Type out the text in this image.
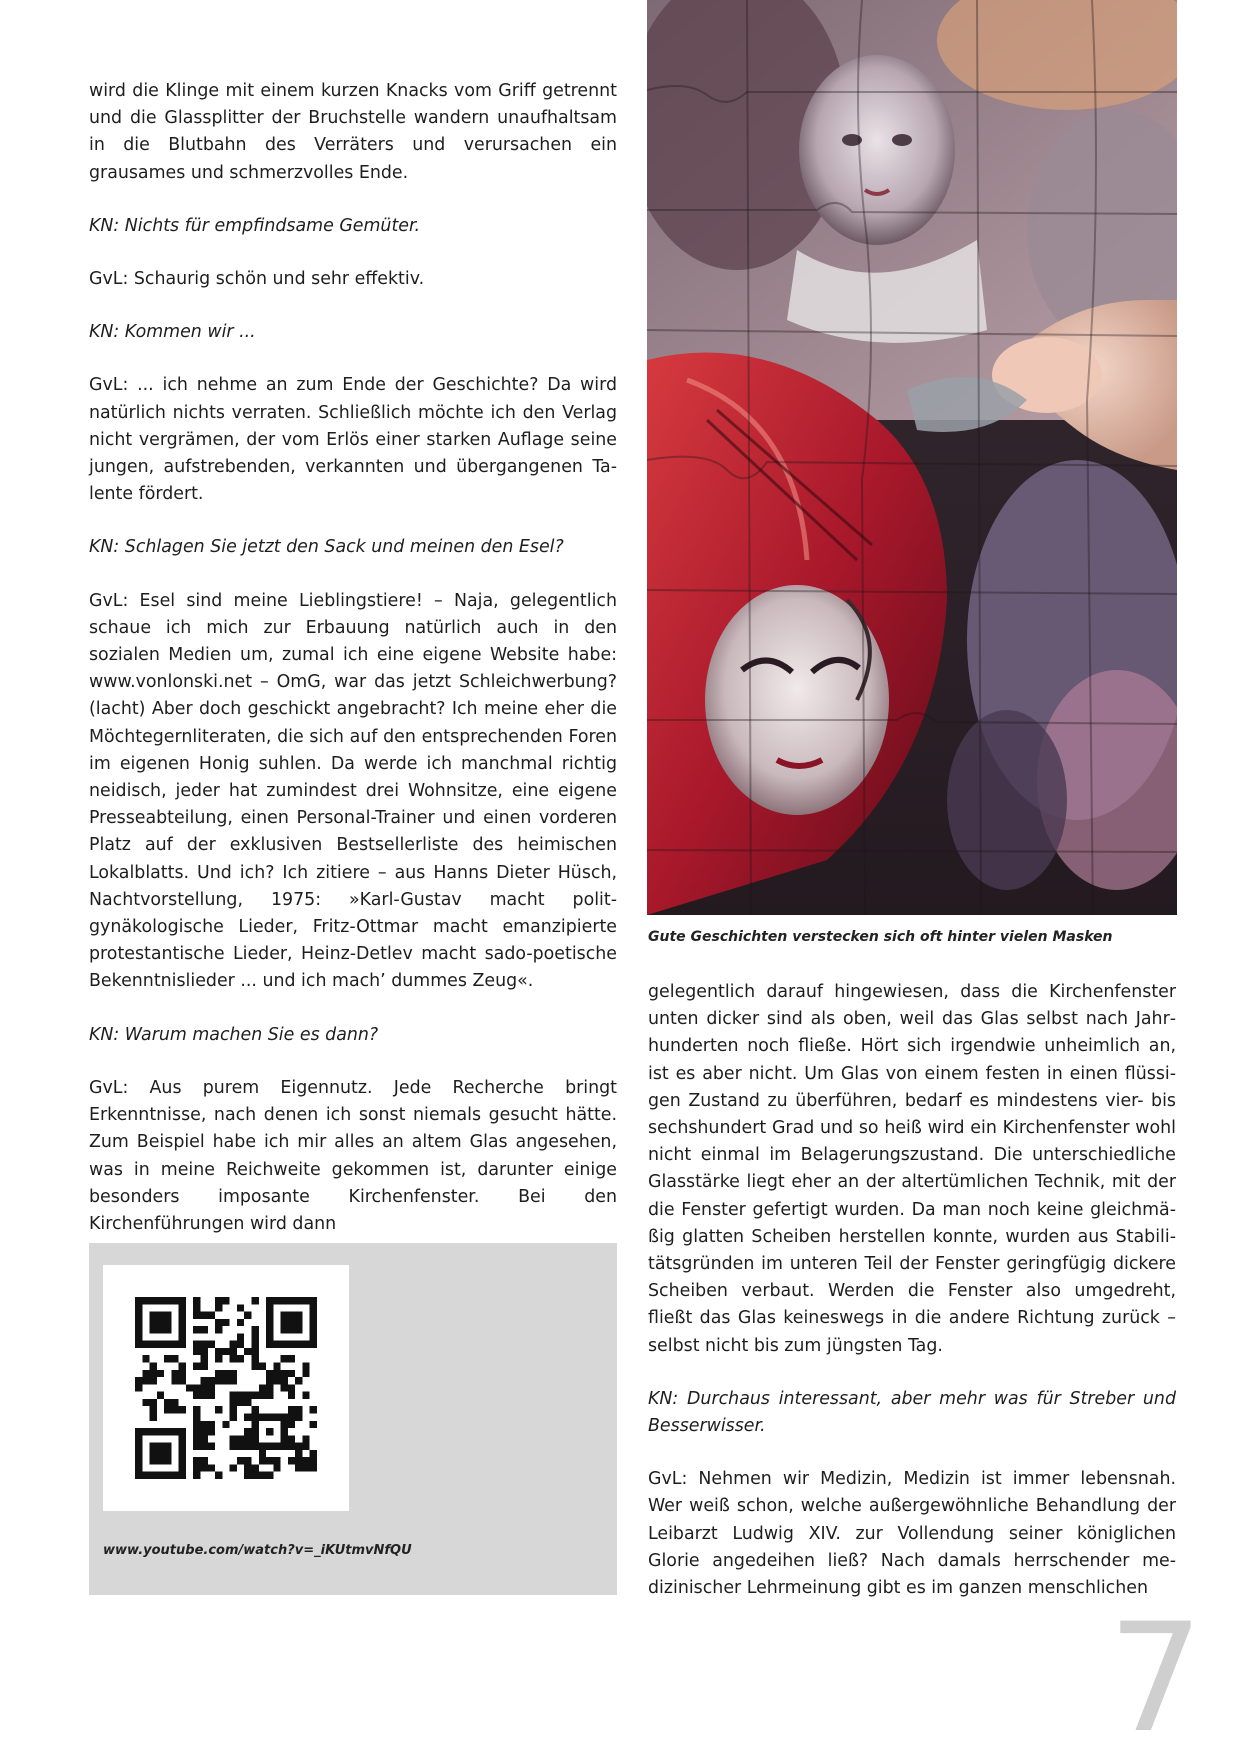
wird die Klinge mit einem kurzen Knacks vom Griff getrennt und die Glassplitter der Bruchstelle wandern unaufhaltsam in die Blutbahn des Verräters und verursachen ein grausames und schmerzvolles Ende.

KN: Nichts für empfindsame Gemüter.

GvL: Schaurig schön und sehr effektiv.

KN: Kommen wir ...

GvL: ... ich nehme an zum Ende der Geschichte? Da wird natürlich nichts verraten. Schließlich möchte ich den Verlag nicht vergrämen, der vom Erlös einer starken Auflage seine jungen, aufstrebenden, verkannten und übergangenen Talente fördert.

KN: Schlagen Sie jetzt den Sack und meinen den Esel?

GvL: Esel sind meine Lieblingstiere! – Naja, gelegentlich schaue ich mich zur Erbauung natürlich auch in den sozialen Medien um, zumal ich eine eigene Website habe: www.vonlonski.net – OmG, war das jetzt Schleichwerbung? (lacht) Aber doch geschickt angebracht? Ich meine eher die Möchtegernliteraten, die sich auf den entsprechenden Foren im eigenen Honig suhlen. Da werde ich manchmal richtig neidisch, jeder hat zumindest drei Wohnsitze, eine eigene Presseabteilung, einen Personal-Trainer und einen vorderen Platz auf der exklusiven Bestsellerliste des heimischen Lokalblatts. Und ich? Ich zitiere – aus Hanns Dieter Hüsch, Nachtvorstellung, 1975: »Karl-Gustav macht polit-gynäkologische Lieder, Fritz-Ottmar macht emanzipierte protestantische Lieder, Heinz-Detlev macht sado-poetische Bekenntnislieder ... und ich mach’ dummes Zeug«.

KN: Warum machen Sie es dann?

GvL: Aus purem Eigennutz. Jede Recherche bringt Erkenntnisse, nach denen ich sonst niemals gesucht hätte. Zum Beispiel habe ich mir alles an altem Glas angesehen, was in meine Reichweite gekommen ist, darunter einige besonders imposante Kirchenfenster. Bei den Kirchenführungen wird dann

Gute Geschichten verstecken sich oft hinter vielen Masken

gelegentlich darauf hingewiesen, dass die Kirchenfenster unten dicker sind als oben, weil das Glas selbst nach Jahrhunderten noch fließe. Hört sich irgendwie unheimlich an, ist es aber nicht. Um Glas von einem festen in einen flüssigen Zustand zu überführen, bedarf es mindestens vier- bis sechshundert Grad und so heiß wird ein Kirchenfenster wohl nicht einmal im Belagerungszustand. Die unterschiedliche Glasstärke liegt eher an der altertümlichen Technik, mit der die Fenster gefertigt wurden. Da man noch keine gleichmäßig glatten Scheiben herstellen konnte, wurden aus Stabilitätsgründen im unteren Teil der Fenster geringfügig dickere Scheiben verbaut. Werden die Fenster also umgedreht, fließt das Glas keineswegs in die andere Richtung zurück – selbst nicht bis zum jüngsten Tag.

KN: Durchaus interessant, aber mehr was für Streber und Besserwisser.

GvL: Nehmen wir Medizin, Medizin ist immer lebensnah. Wer weiß schon, welche außergewöhnliche Behandlung der Leibarzt Ludwig XIV. zur Vollendung seiner königlichen Glorie angedeihen ließ? Nach damals herrschender medizinischer Lehrmeinung gibt es im ganzen menschlichen

www.youtube.com/watch?v=_iKUtmvNfQU
7
